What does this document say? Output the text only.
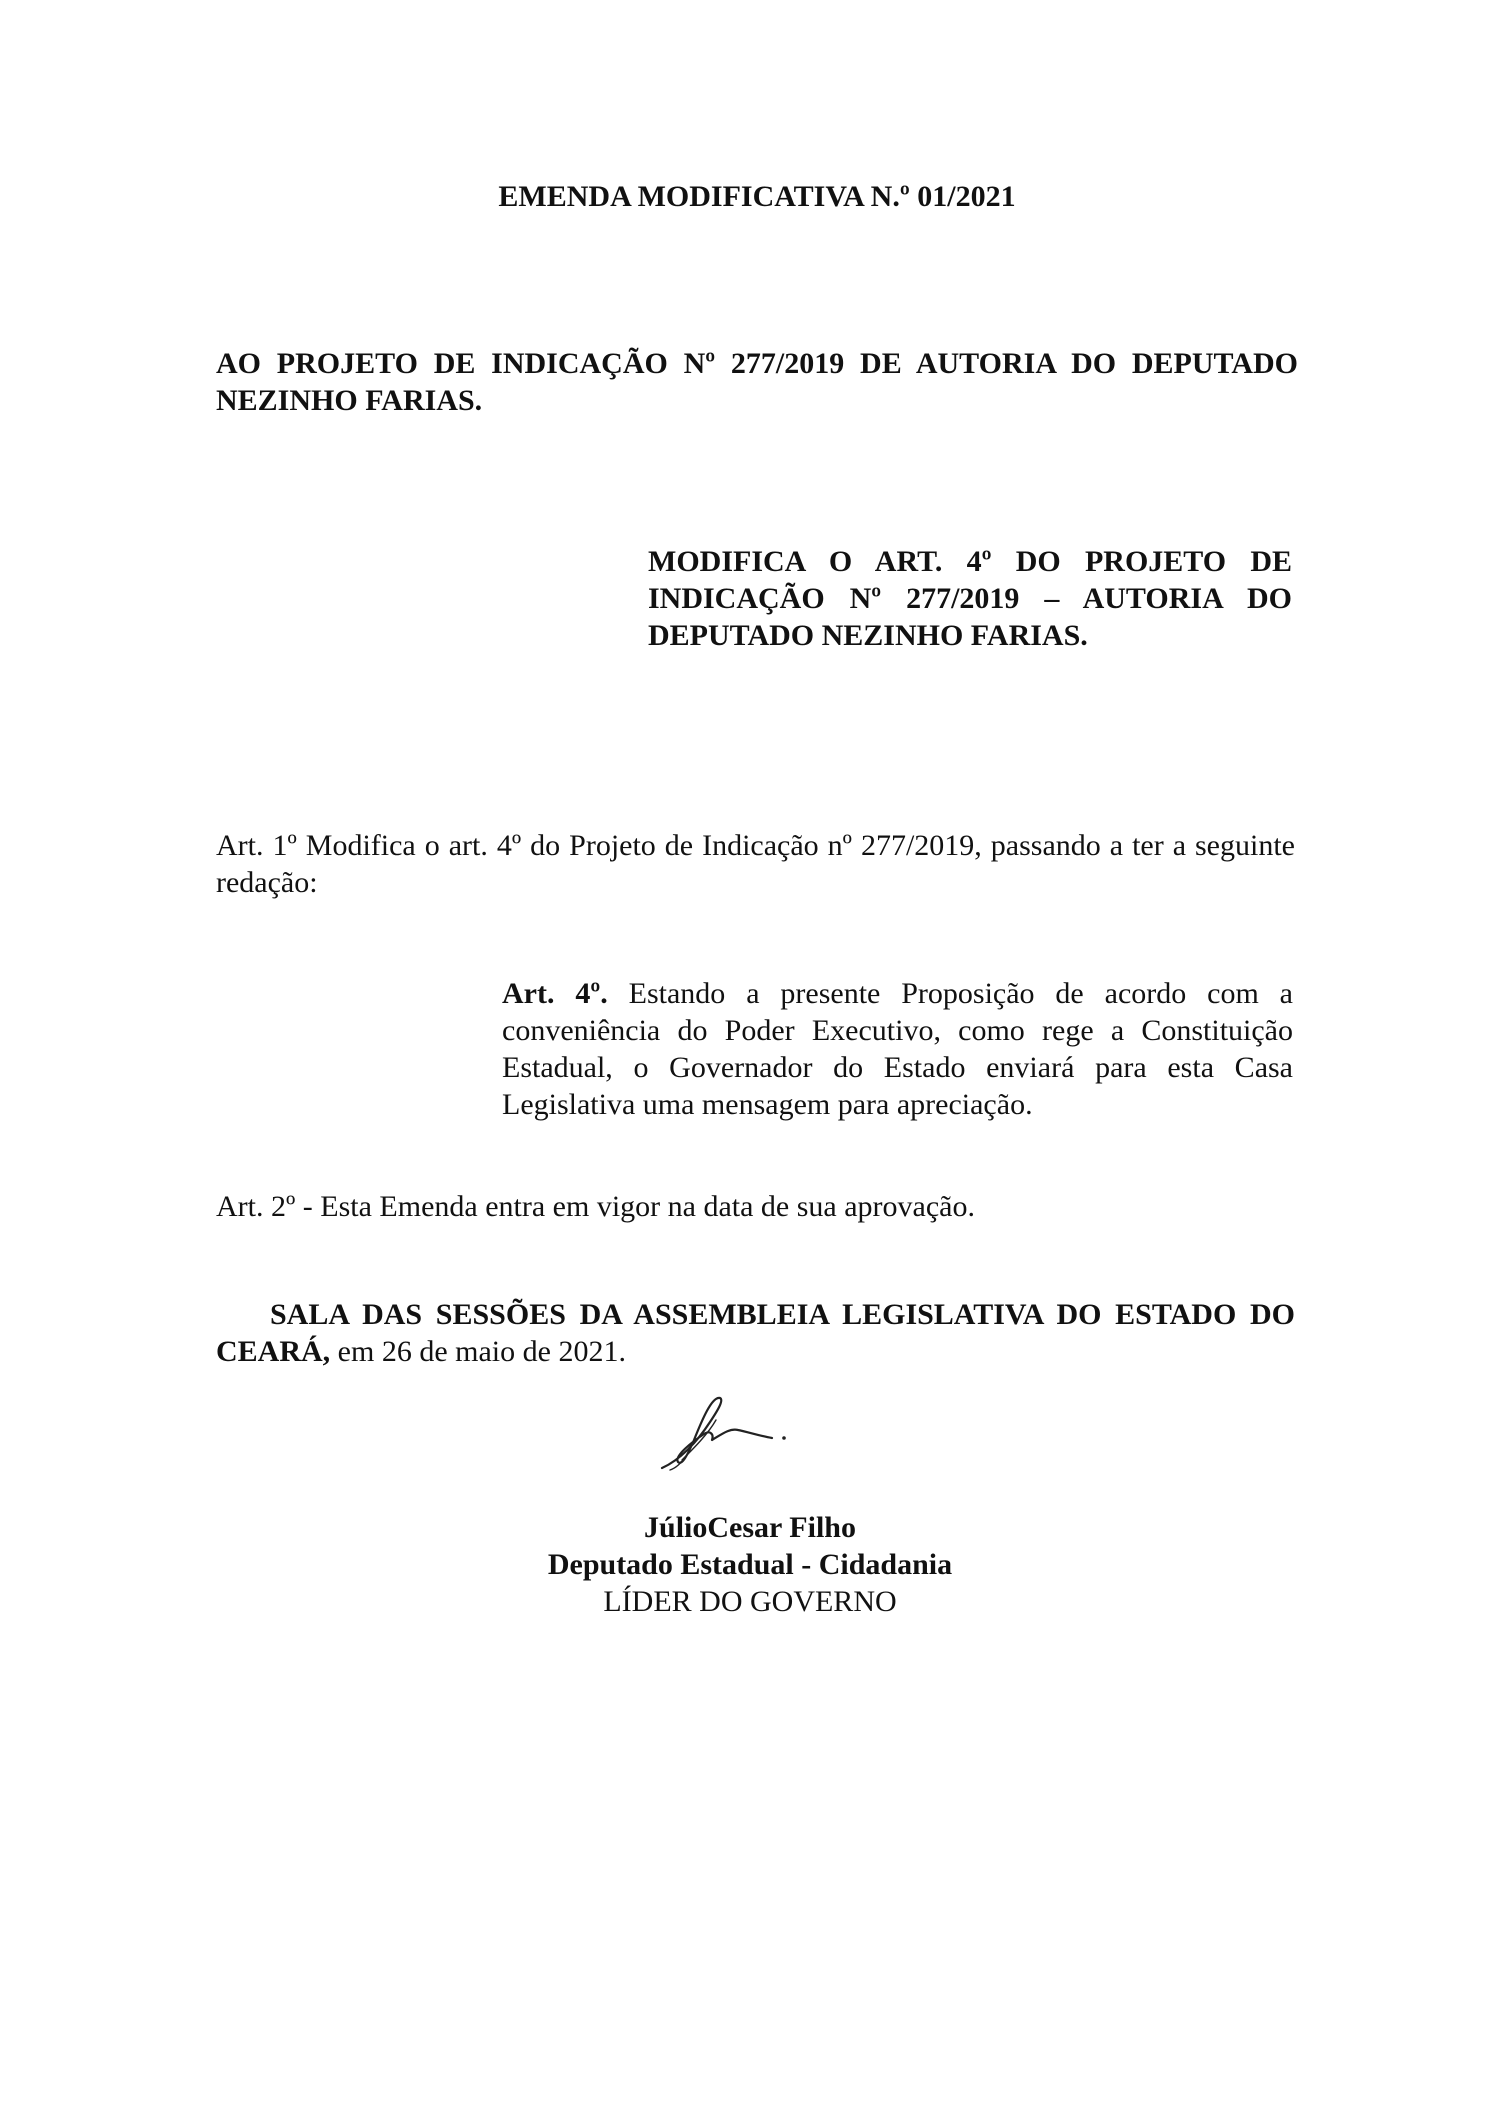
EMENDA MODIFICATIVA N.º 01/2021

AO PROJETO DE INDICAÇÃO Nº 277/2019 DE AUTORIA DO DEPUTADO NEZINHO FARIAS.

MODIFICA O ART. 4º DO PROJETO DE INDICAÇÃO Nº 277/2019 – AUTORIA DO DEPUTADO NEZINHO FARIAS.

Art. 1º Modifica o art. 4º do Projeto de Indicação nº 277/2019, passando a ter a seguinte redação:

Art. 4º. Estando a presente Proposição de acordo com a conveniência do Poder Executivo, como rege a Constituição Estadual, o Governador do Estado enviará para esta Casa Legislativa uma mensagem para apreciação.

Art. 2º - Esta Emenda entra em vigor na data de sua aprovação.

SALA DAS SESSÕES DA ASSEMBLEIA LEGISLATIVA DO ESTADO DO CEARÁ, em 26 de maio de 2021.

JúlioCesar Filho
Deputado Estadual - Cidadania
LÍDER DO GOVERNO
